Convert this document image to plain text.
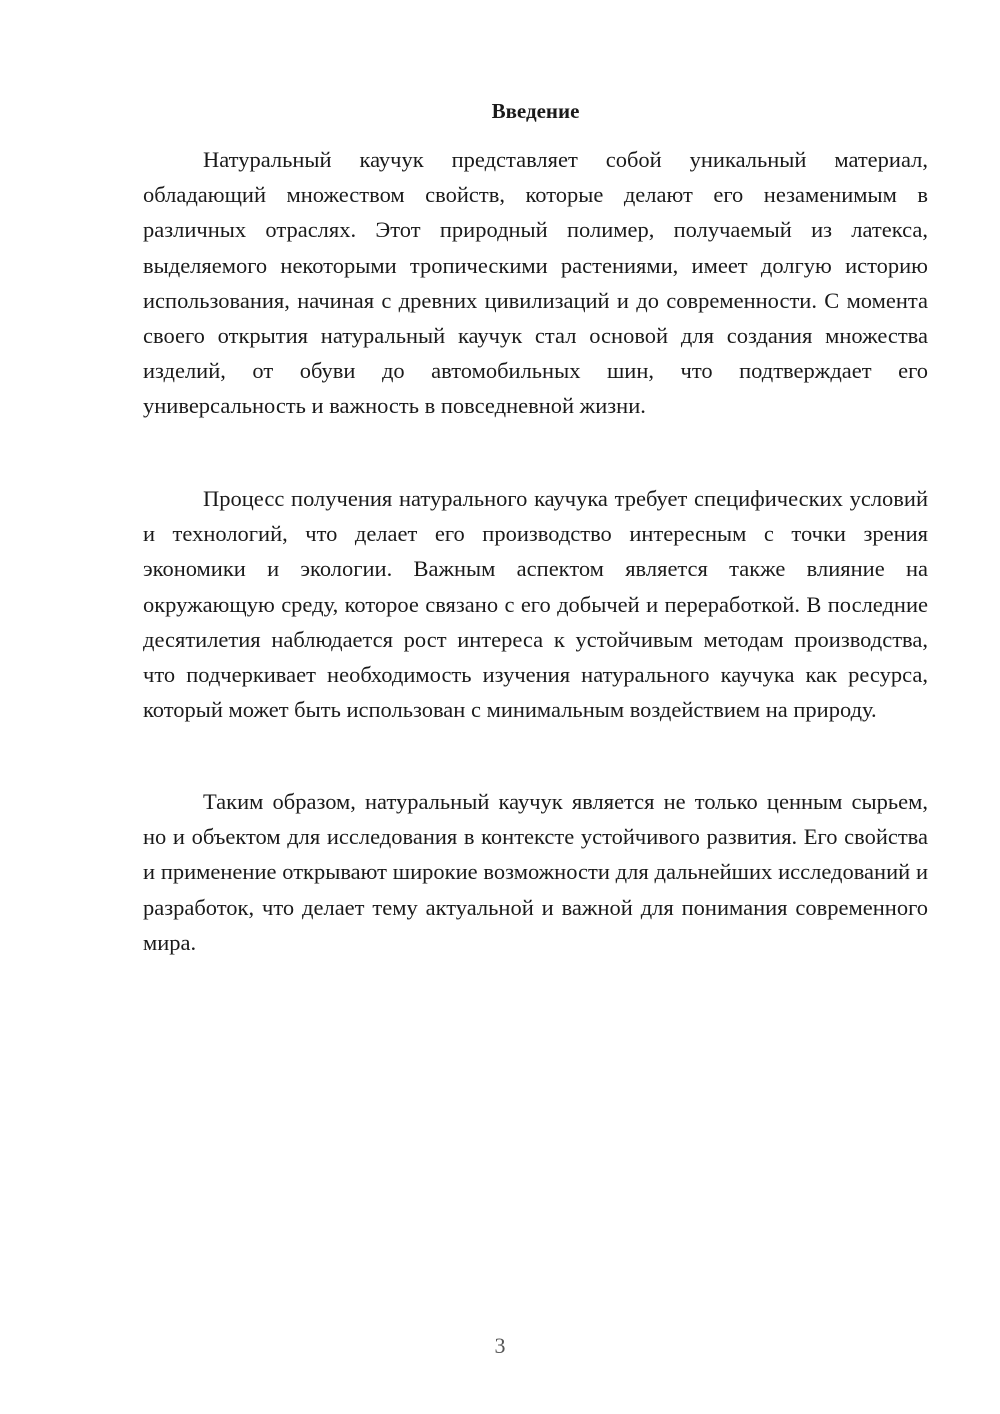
Введение

Натуральный каучук представляет собой уникальный материал, обладающий множеством свойств, которые делают его незаменимым в различных отраслях. Этот природный полимер, получаемый из латекса, выделяемого некоторыми тропическими растениями, имеет долгую историю использования, начиная с древних цивилизаций и до современности. С момента своего открытия натуральный каучук стал основой для создания множества изделий, от обуви до автомобильных шин, что подтверждает его универсальность и важность в повседневной жизни.

Процесс получения натурального каучука требует специфических условий и технологий, что делает его производство интересным с точки зрения экономики и экологии. Важным аспектом является также влияние на окружающую среду, которое связано с его добычей и переработкой. В последние десятилетия наблюдается рост интереса к устойчивым методам производства, что подчеркивает необходимость изучения натурального каучука как ресурса, который может быть использован с минимальным воздействием на природу.

Таким образом, натуральный каучук является не только ценным сырьем, но и объектом для исследования в контексте устойчивого развития. Его свойства и применение открывают широкие возможности для дальнейших исследований и разработок, что делает тему актуальной и важной для понимания современного мира.

3
